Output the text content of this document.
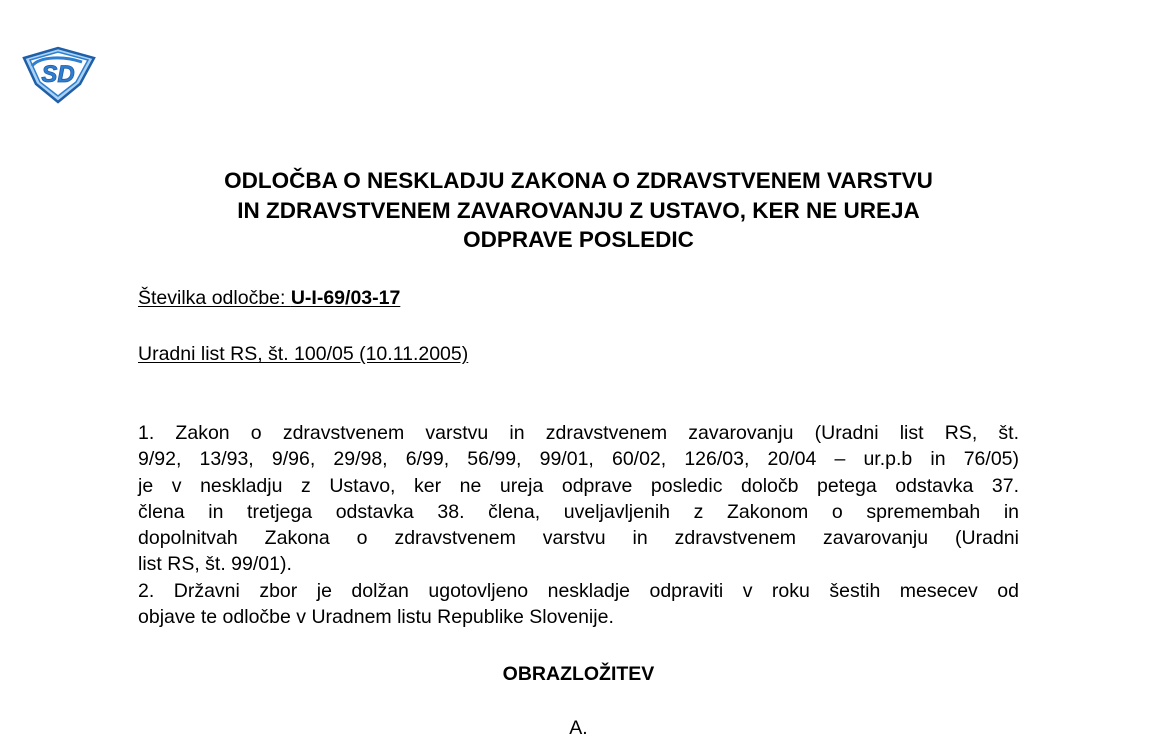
SD
ODLOČBA O NESKLADJU ZAKONA O ZDRAVSTVENEM VARSTVU
IN ZDRAVSTVENEM ZAVAROVANJU Z USTAVO, KER NE UREJA
ODPRAVE POSLEDIC
Številka odločbe: U-I-69/03-17
Uradni list RS, št. 100/05 (10.11.2005)
1. Zakon o zdravstvenem varstvu in zdravstvenem zavarovanju (Uradni list RS, št.
9/92, 13/93, 9/96, 29/98, 6/99, 56/99, 99/01, 60/02, 126/03, 20/04 – ur.p.b in 76/05)
je v neskladju z Ustavo, ker ne ureja odprave posledic določb petega odstavka 37.
člena in tretjega odstavka 38. člena, uveljavljenih z Zakonom o spremembah in
dopolnitvah Zakona o zdravstvenem varstvu in zdravstvenem zavarovanju (Uradni
list RS, št. 99/01).
2. Državni zbor je dolžan ugotovljeno neskladje odpraviti v roku šestih mesecev od
objave te odločbe v Uradnem listu Republike Slovenije.
OBRAZLOŽITEV
A.
